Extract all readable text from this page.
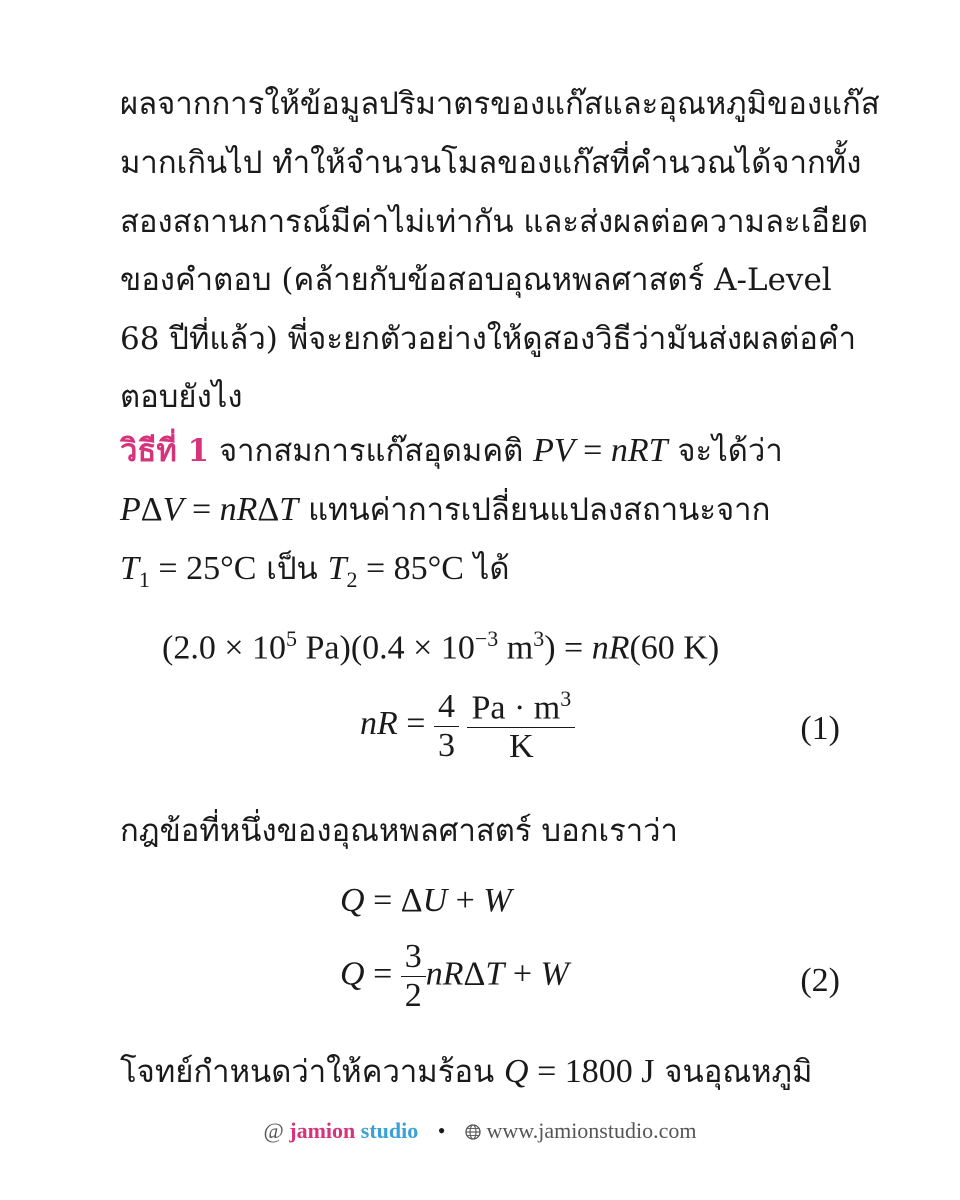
ผลจากการให้ข้อมูลปริมาตรของแก๊สและอุณหภูมิของแก๊ส
มากเกินไป ทำให้จำนวนโมลของแก๊สที่คำนวณได้จากทั้ง
สองสถานการณ์มีค่าไม่เท่ากัน และส่งผลต่อความละเอียด
ของคำตอบ (คล้ายกับข้อสอบอุณหพลศาสตร์ A-Level
68 ปีที่แล้ว) พี่จะยกตัวอย่างให้ดูสองวิธีว่ามันส่งผลต่อคำ
ตอบยังไง
วิธีที่ 1 จากสมการแก๊สอุดมคติ PV = nRT จะได้ว่า
PΔV = nRΔT แทนค่าการเปลี่ยนแปลงสถานะจาก
$T_1 = 25^\circ C$ เป็น $T_2 = 85^\circ C$ ได้
($2.0 \times 10^5$ $Pa)(0.4 \times 10^{-3}$ $m^3) = nR(60$ K)
nR = $\frac{4}{3}$
$\frac{Pa \cdot m^3}{K}$	(1)
กฎข้อที่หนึ่งของอุณหพลศาสตร์ บอกเราว่า
Q = ΔU + W
$Q = \frac{3}{2}$ nRΔT + W	(2)
โจทย์กำหนดว่าให้ความร้อน Q = 1800 J จนอุณหภูมิ
@ jamion studio • www.jamionstudio.com
